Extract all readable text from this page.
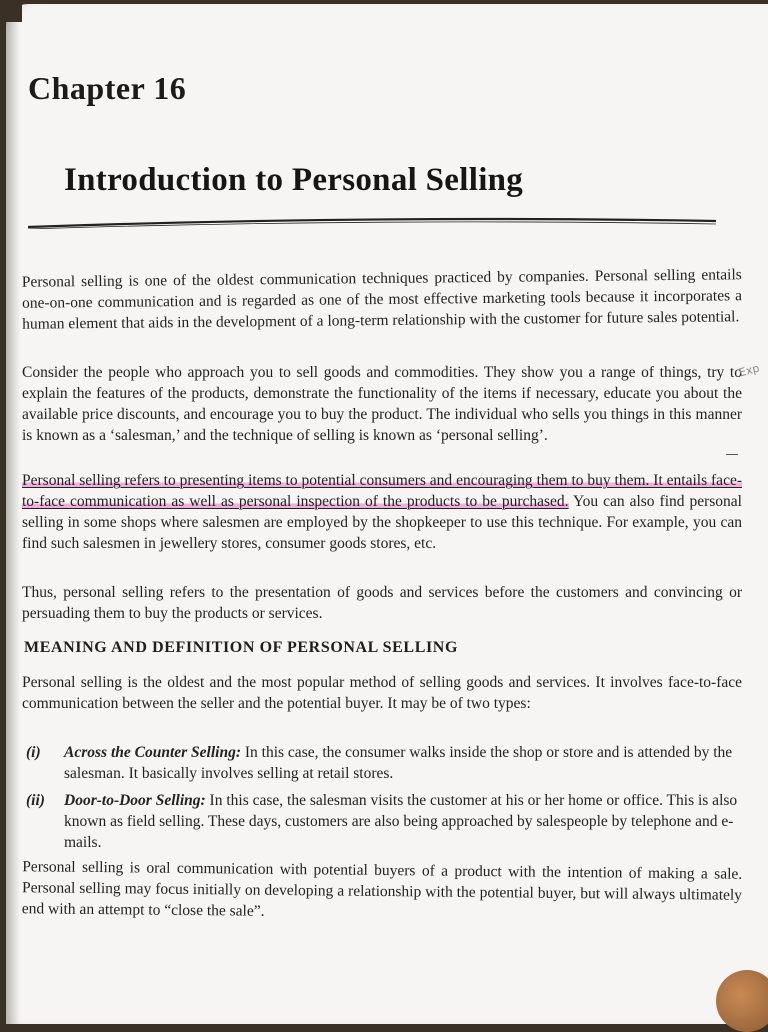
Chapter 16
Introduction to Personal Selling
Personal selling is one of the oldest communication techniques practiced by companies. Personal selling entails one-on-one communication and is regarded as one of the most effective marketing tools because it incorporates a human element that aids in the development of a long-term relationship with the customer for future sales potential.
Consider the people who approach you to sell goods and commodities. They show you a range of things, try to explain the features of the products, demonstrate the functionality of the items if necessary, educate you about the available price discounts, and encourage you to buy the product. The individual who sells you things in this manner is known as a ‘salesman,’ and the technique of selling is known as ‘personal selling’.
Exp
Personal selling refers to presenting items to potential consumers and encouraging them to buy them. It entails face-to-face communication as well as personal inspection of the products to be purchased. You can also find personal selling in some shops where salesmen are employed by the shopkeeper to use this technique. For example, you can find such salesmen in jewellery stores, consumer goods stores, etc.
Thus, personal selling refers to the presentation of goods and services before the customers and convincing or persuading them to buy the products or services.
MEANING AND DEFINITION OF PERSONAL SELLING
Personal selling is the oldest and the most popular method of selling goods and services. It involves face-to-face communication between the seller and the potential buyer. It may be of two types:
(i) Across the Counter Selling: In this case, the consumer walks inside the shop or store and is attended by the salesman. It basically involves selling at retail stores.
(ii) Door-to-Door Selling: In this case, the salesman visits the customer at his or her home or office. This is also known as field selling. These days, customers are also being approached by salespeople by telephone and e-mails.
Personal selling is oral communication with potential buyers of a product with the intention of making a sale. Personal selling may focus initially on developing a relationship with the potential buyer, but will always ultimately end with an attempt to “close the sale”.
